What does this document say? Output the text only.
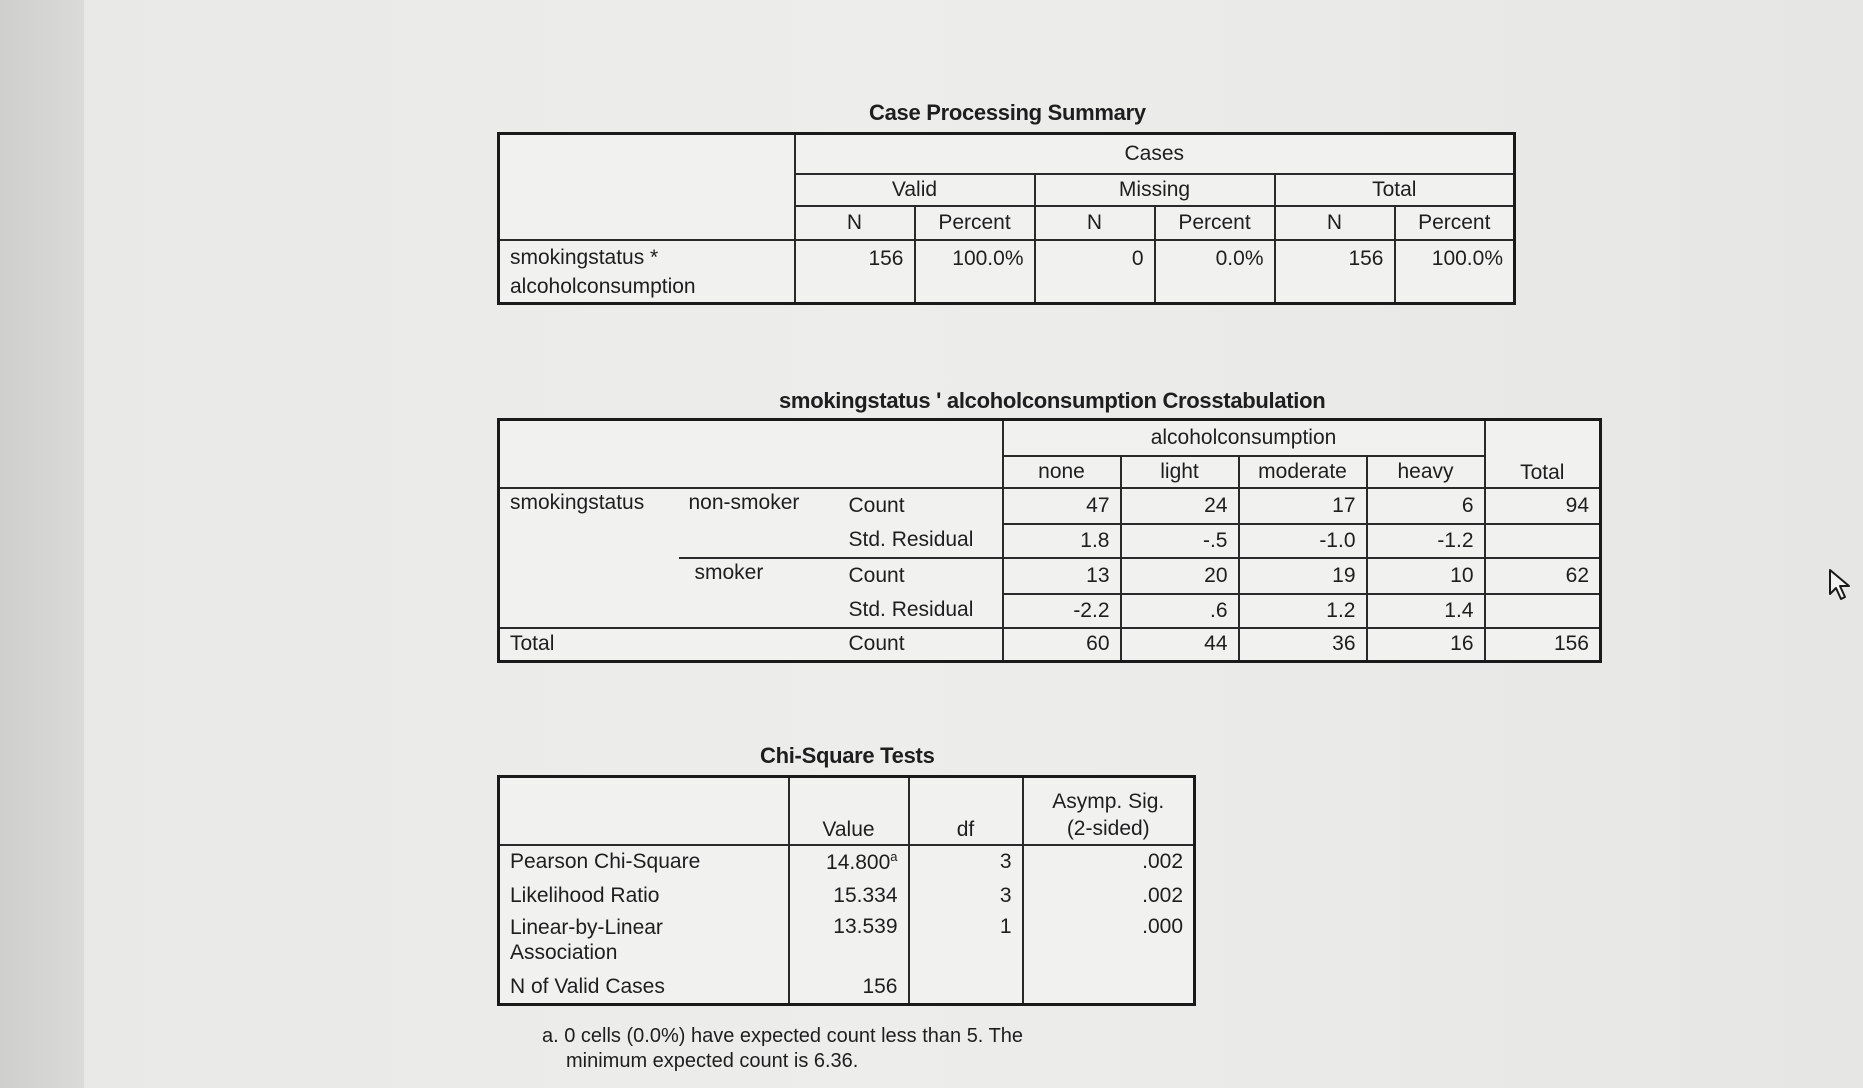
Case Processing Summary
	Cases					
	Valid		Missing		Total	
	N	Percent	N	Percent	N	Percent

smokingstatus *
alcoholconsumption	156	100.0%	0	0.0%	156	100.0%
smokingstatus ' alcoholconsumption Crosstabulation
			alcoholconsumption				Total
			none	light	moderate	heavy	
smokingstatus	non-smoker	Count	47	24	17	6	94
		Std. Residual	1.8	-.5	-1.0	-1.2	
	smoker	Count	13	20	19	10	62
		Std. Residual	-2.2	.6	1.2	1.4	
Total		Count	60	44	36	16	156
Chi-Square Tests
	Value	df	Asymp. Sig.
(2-sided)

Pearson Chi-Square	14.800$^a$	3	.002
Likelihood Ratio	15.334	3	.002

Linear-by-Linear
Association	13.539	1	.000
N of Valid Cases	156		
a. 0 cells (0.0%) have expected count less than 5. The
minimum expected count is 6.36.
